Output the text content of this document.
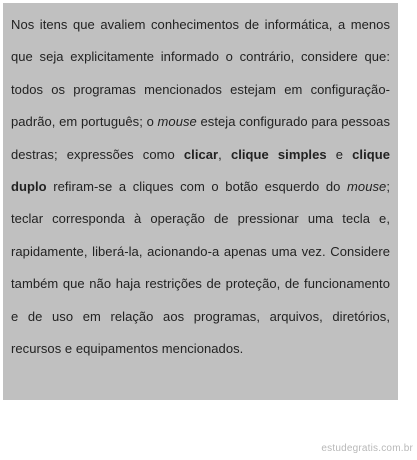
Nos itens que avaliem conhecimentos de informática, a menos que seja explicitamente informado o contrário, considere que: todos os programas mencionados estejam em configuração-padrão, em português; o mouse esteja configurado para pessoas destras; expressões como clicar, clique simples e clique duplo refiram-se a cliques com o botão esquerdo do mouse; teclar corresponda à operação de pressionar uma tecla e, rapidamente, liberá-la, acionando-a apenas uma vez. Considere também que não haja restrições de proteção, de funcionamento e de uso em relação aos programas, arquivos, diretórios, recursos e equipamentos mencionados.

estudegratis.com.br
